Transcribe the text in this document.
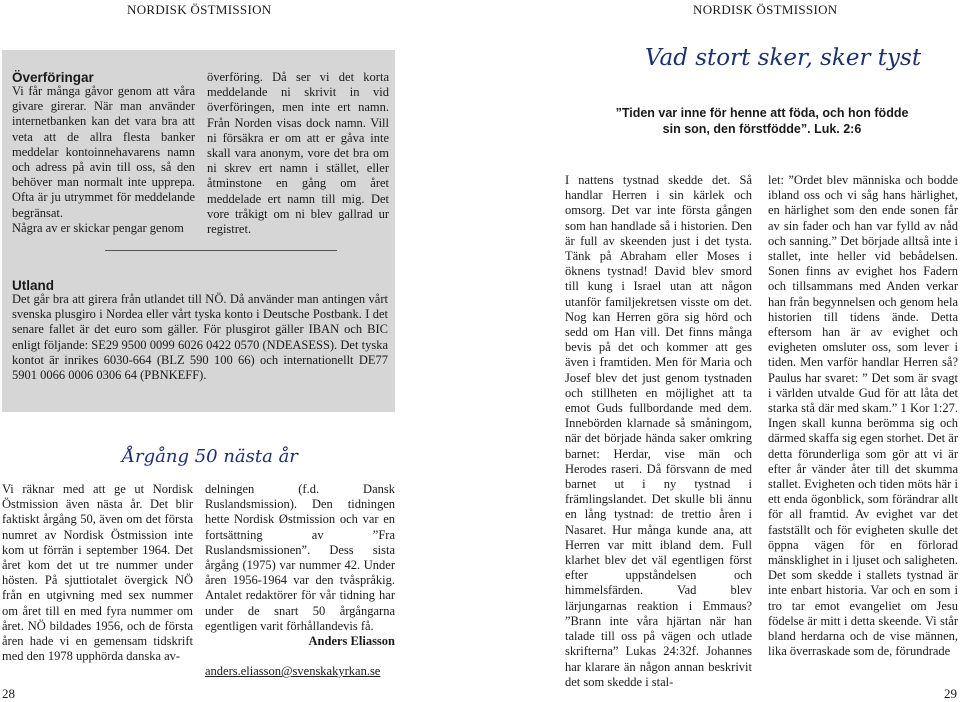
NORDISK ÖSTMISSION
Överföringar

Vi får många gåvor genom att våra givare girerar. När man använder internetbanken kan det vara bra att veta att de allra flesta banker meddelar kontoinnehavarens namn och adress på avin till oss, så den behöver man normalt inte upprepa. Ofta är ju utrymmet för meddelande begränsat.
Några av er skickar pengar genom

överföring. Då ser vi det korta meddelande ni skrivit in vid överföringen, men inte ert namn. Från Norden visas dock namn. Vill ni försäkra er om att er gåva inte skall vara anonym, vore det bra om ni skrev ert namn i stället, eller åtminstone en gång om året meddelade ert namn till mig. Det vore tråkigt om ni blev gallrad ur registret.

Utland

Det går bra att girera från utlandet till NÖ. Då använder man antingen vårt svenska plusgiro i Nordea eller vårt tyska konto i Deutsche Postbank. I det senare fallet är det euro som gäller. För plusgirot gäller IBAN och BIC enligt följande: SE29 9500 0099 6026 0422 0570 (NDEASESS). Det tyska kontot är inrikes 6030-664 (BLZ 590 100 66) och internationellt DE77 5901 0066 0006 0306 64 (PBNKEFF).

Årgång 50 nästa år

Vi räknar med att ge ut Nordisk Östmission även nästa år. Det blir faktiskt årgång 50, även om det första numret av Nordisk Östmission inte kom ut förrän i september 1964. Det året kom det ut tre nummer under hösten. På sjuttiotalet övergick NÖ från en utgivning med sex nummer om året till en med fyra nummer om året. NÖ bildades 1956, och de första åren hade vi en gemensam tidskrift med den 1978 upphörda danska av-

delningen (f.d. Dansk Ruslandsmission). Den tidningen hette Nordisk Østmission och var en fortsättning av ”Fra Ruslandsmissionen”. Dess sista årgång (1975) var nummer 42. Under åren 1956-1964 var den tvåspråkig. Antalet redaktörer för vår tidning har under de snart 50 årgångarna egentligen varit förhållandevis få.

Anders Eliasson

anders.eliasson@svenskakyrkan.se

28
NORDISK ÖSTMISSION
Vad stort sker, sker tyst
”Tiden var inne för henne att föda, och hon födde sin son, den förstfödde”. Luk. 2:6

I nattens tystnad skedde det. Så handlar Herren i sin kärlek och omsorg. Det var inte första gången som han handlade så i historien. Den är full av skeenden just i det tysta. Tänk på Abraham eller Moses i öknens tystnad! David blev smord till kung i Israel utan att någon utanför familjekretsen visste om det. Nog kan Herren göra sig hörd och sedd om Han vill. Det finns många bevis på det och kommer att ges även i framtiden. Men för Maria och Josef blev det just genom tystnaden och stillheten en möjlighet att ta emot Guds fullbordande med dem. Innebörden klarnade så småningom, när det började hända saker omkring barnet: Herdar, vise män och Herodes raseri. Då försvann de med barnet ut i ny tystnad i främlingslandet. Det skulle bli ännu en lång tystnad: de trettio åren i Nasaret. Hur många kunde ana, att Herren var mitt ibland dem. Full klarhet blev det väl egentligen först efter uppståndelsen och himmelsfärden. Vad blev lärjungarnas reaktion i Emmaus? ”Brann inte våra hjärtan när han talade till oss på vägen och utlade skrifterna” Lukas 24:32f. Johannes har klarare än någon annan beskrivit det som skedde i stal-

let: ”Ordet blev människa och bodde ibland oss och vi såg hans härlighet, en härlighet som den ende sonen får av sin fader och han var fylld av nåd och sanning.” Det började alltså inte i stallet, inte heller vid bebådelsen. Sonen finns av evighet hos Fadern och tillsammans med Anden verkar han från begynnelsen och genom hela historien till tidens ände. Detta eftersom han är av evighet och evigheten omsluter oss, som lever i tiden. Men varför handlar Herren så? Paulus har svaret: ” Det som är svagt i världen utvalde Gud för att låta det starka stå där med skam.” 1 Kor 1:27. Ingen skall kunna berömma sig och därmed skaffa sig egen storhet. Det är detta förunderliga som gör att vi är efter år vänder åter till det skumma stallet. Evigheten och tiden möts här i ett enda ögonblick, som förändrar allt för all framtid. Av evighet var det fastställt och för evigheten skulle det öppna vägen för en förlorad mänsklighet in i ljuset och saligheten. Det som skedde i stallets tystnad är inte enbart historia. Var och en som i tro tar emot evangeliet om Jesu födelse är mitt i detta skeende. Vi står bland herdarna och de vise männen, lika överraskade som de, förundrade

29
